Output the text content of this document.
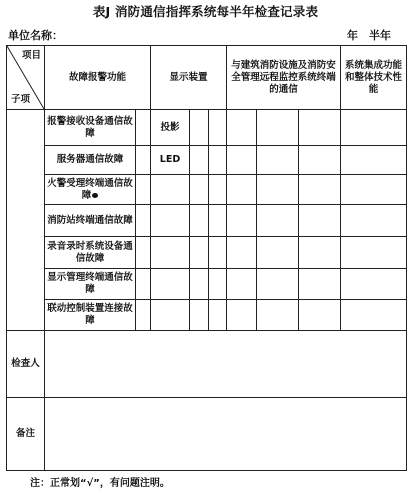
表J 消防通信指挥系统每半年检查记录表
单位名称：	年　半年
项目
子项	故障报警功能		显示装置			与建筑消防设施及消防安全管理远程监控系统终端的通信			系统集成功能和整体技术性能
	报警接收设备通信故障		投影						
	服务器通信故障		LED						
	火警受理终端通信故障								
	消防站终端通信故障								
	录音录时系统设备通信故障								
	显示管理终端通信故障								
	联动控制装置连接故障								
检查人									
备注									
注：正常划“√”，有问题注明。
